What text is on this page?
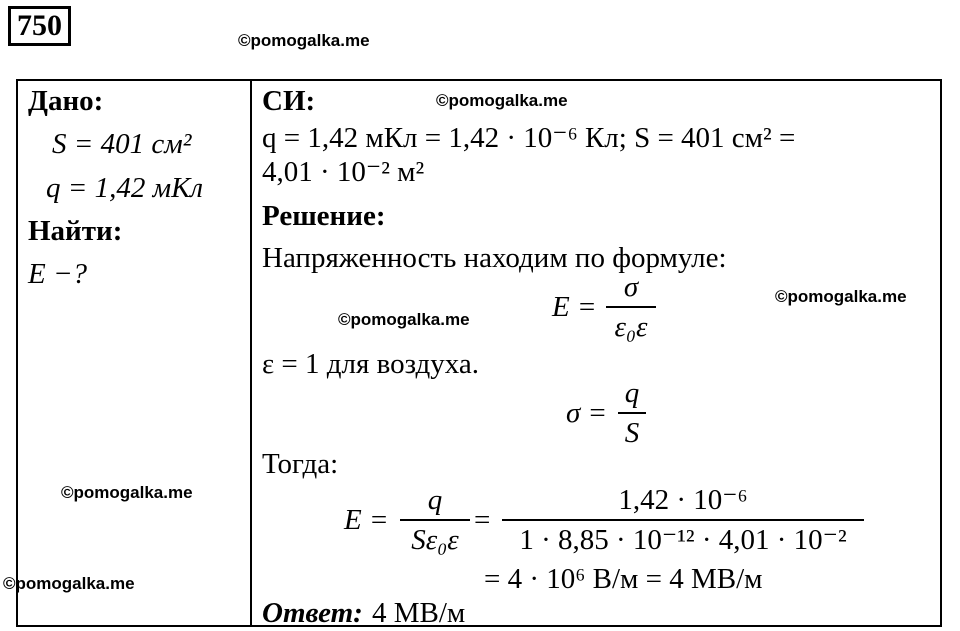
750	©pomogalka.me
©pomogalka.me
©pomogalka.me
©pomogalka.me
©pomogalka.me
©pomogalka.me
Дано:
S = 401 см²
q = 1,42 мКл
Найти:
E −?
СИ:
q = 1,42 мКл = 1,42 · 10⁻⁶ Кл; S = 401 см² =
4,01 · 10⁻² м²
Решение:
Напряженность находим по формуле:
E =
σ
ε₀ε
ε = 1 для воздуха.
σ =
q
S
Тогда:
E =
q
Sε₀ε
=
1,42 · 10⁻⁶
1 · 8,85 · 10⁻¹² · 4,01 · 10⁻²
= 4 · 10⁶ В/м = 4 МВ/м
Ответ: 4 МВ/м
